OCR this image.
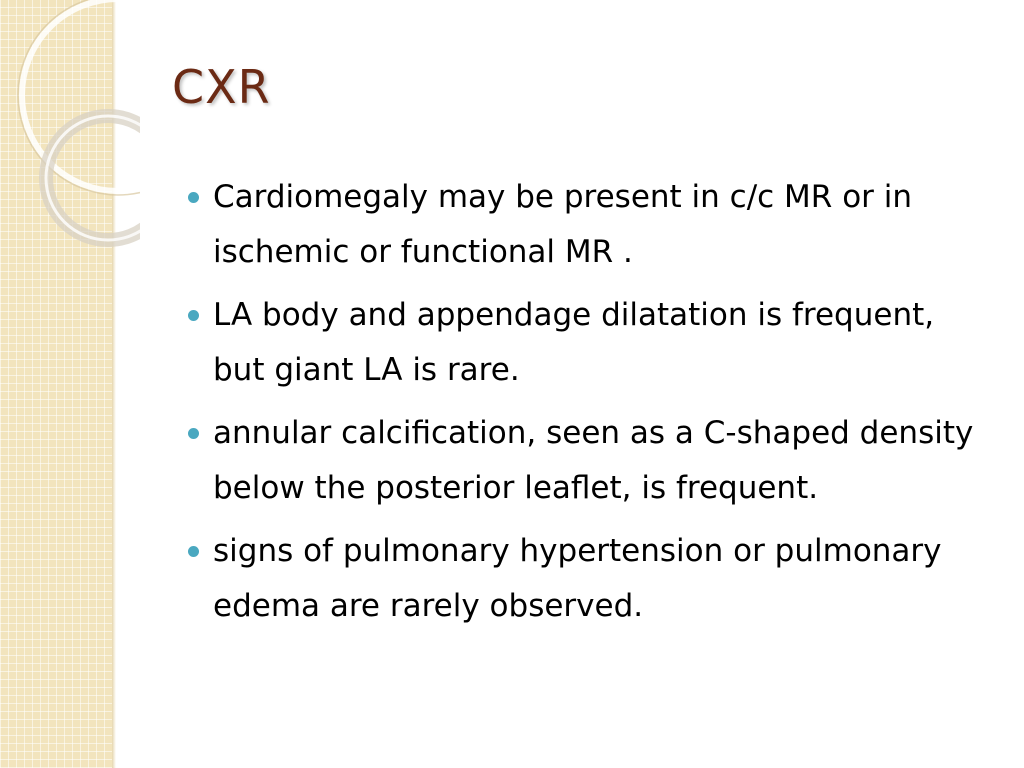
CXR
Cardiomegaly may be present in c/c MR or in ischemic or functional MR .
LA body and appendage dilatation is frequent, but giant LA is rare.
annular calcification, seen as a C-shaped density below the posterior leaflet, is frequent.
signs of pulmonary hypertension or pulmonary edema are rarely observed.
